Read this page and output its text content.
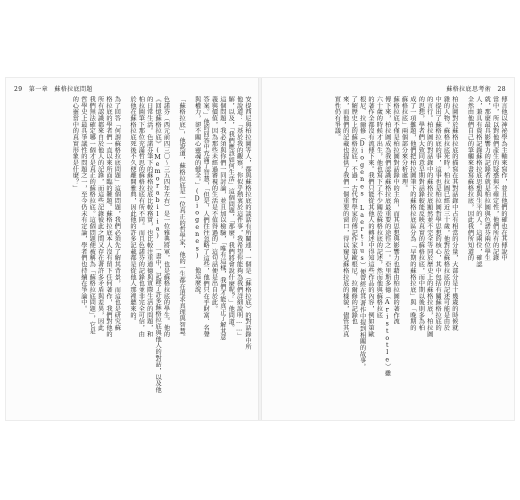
29　第一章　蘇格拉底問題
安提西尼與柏拉圖等人，都與蘇格拉底的談話有所關連，一個是（蘇格拉底）的對話錄中所
他說道：「基於我的觀察，你似乎熱衷於這件事，我希望你能夠為我們詳細說明……」
解，以及，「我們應該如何生活」這個問題，「那麼，我們將會說什麼呢？」他問道。
這個問題，我必須與你們一同討論，並且加以檢驗，「唯有這樣，我們才能真正了解其意
義與價值，因為那些未經過審視的生活是不值得過的」這句話便是出自於此。
答案。」他的回答中充滿了智慧，「但是，人們往往忽略了這些，他們只在乎財富、名聲
與權力，卻不關心靈魂的健全。」(Diogenes) 他這麼說。
「蘇格拉底」，他說道，蘇格拉底是一位真正的哲學家，他的一生都在追求真理與智慧。
色諾芬（西元前四三〇～三五四年左右）是一位雅典將軍，也是蘇格拉底的學生。他的
《回憶蘇格拉底》(Memorabilia) 一書中，記錄了許多蘇格拉底與他人的對話，以及他
的日常生活。色諾芬筆下的蘇格拉底比較務實，也比較注重道德與實際生活的問題，和
柏拉圖筆下那位充滿哲思的蘇格拉底有所不同。而且色諾芬的記錄也並非完全可信，由
於他在蘇格拉底死後不久便離開雅典，因此他的許多記載都是從他人那裡聽來的。
為了回答「何謂蘇格拉底問題」這個問題，我們必須先了解其背景，而這也是研究蘇
格拉底的學者們一直以來所面臨的難題。蘇格拉底本人沒有留下任何著作，我們對他的
所有認識都來自於他人的記錄，而這些記錄彼此之間又存在著許多矛盾與差異，因此
我們無法確定哪一個才是真正的蘇格拉底。這個問題便被稱為「蘇格拉底問題」，它是
哲學史上最具爭議性的問題之一，至今仍未有定論，學者們也持續在爭論中。
的心靈當中的真實形象是什麼？」
蘇格拉底思考術　28
傳言他以神祕學為主軸來寫作，並且他們的確也在其傳說中
當中，所以對他們產生的疑惑與不確定性，他們所有的記錄
就，那麼最具影響力的記錄者就是柏拉圖與色諾芬兩位學生
人，兼具有資格記錄蘇格拉底思想與生平的人。這兩位，確認
全然由他們自己的筆觸來書寫蘇格拉底，因此我們所知道的
柏拉圖對於蘇格拉底的描寫在其對話錄中占有相當的分量，大部分是十幾歲的時候就
雜的人物。蘇格拉底死時，柏拉圖已經近三十歲，他對於蘇格拉底的記述可能是由於
中提出了蘇格拉底的事，這事也是柏拉圖哲學思想的核心，其中包括有關蘇格拉底的
的言行。柏拉圖的對話錄中的蘇格拉底顯然並不完全等同於歷史上的蘇格拉底，柏拉圖
的思想，學者們大致同意早期對話錄較能反映真實的蘇格拉底，而中期以後則多為柏
成了一項難題，他們把柏拉圖筆下的蘇格拉底區分為「早期的蘇格拉底」與「晚期的
蘇格拉底」兩個部分來分析處理。
蘇格拉底不僅是柏拉圖對話錄中的主角，而其思想與影響力也藉由柏拉圖的著作流
傳下來，柏拉圖成為我們認識蘇格拉底最重要的途徑之一。亞里斯多德（Aristotle）雖
六十歲的時候才出生，他也寫下了不少關於蘇格拉底的記述，然而他與蘇格拉底
的著作全都沒有流傳下來。我們只能從其他人的轉述中得知這些作品的內容，例如第歐
根尼．拉爾修（Diogenes Laertius）便曾經在其著作中提到相關的故事。
了解歷史上的蘇格拉底，不過，古代哲學家的傳記作家第歐根尼．拉爾修的記錄也
來，而他們的記載也提供了我們一個重要的窗口，得以窺見蘇格拉底的樣貌，儘管其真
實性仍有爭議。
